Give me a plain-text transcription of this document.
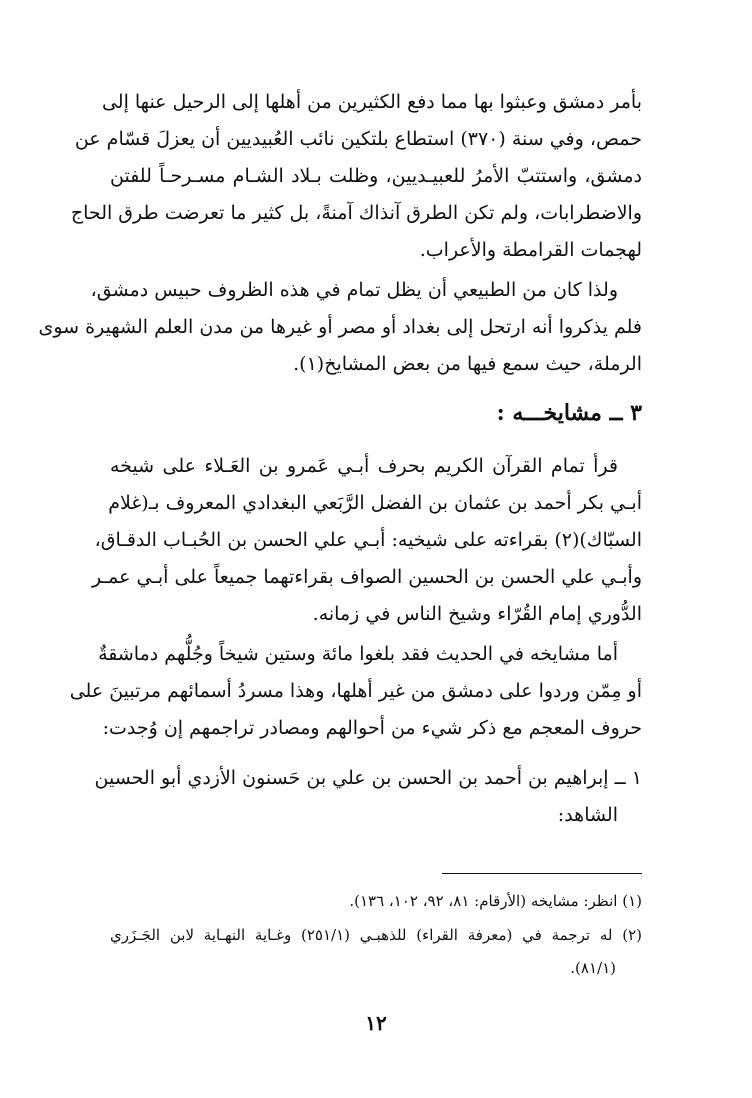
بأمر دمشق وعبثوا بها مما دفع الكثيرين من أهلها إلى الرحيل عنها إلى
حمص، وفي سنة (٣٧٠) استطاع بلتكين نائب العُبيديين أن يعزلَ قسّام عن
دمشق، واستتبّ الأمرُ للعبيـديين، وظلت بـلاد الشـام مسـرحـاً للفتن
والاضطرابات، ولم تكن الطرق آنذاك آمنةً، بل كثير ما تعرضت طرق الحاج
لهجمات القرامطة والأعراب.
ولذا كان من الطبيعي أن يظل تمام في هذه الظروف حبيس دمشق،
فلم يذكروا أنه ارتحل إلى بغداد أو مصر أو غيرها من مدن العلم الشهيرة سوى
الرملة، حيث سمع فيها من بعض المشايخ(١).
٣ ــ مشايخـــه :
قرأ تمام القرآن الكريم بحرف أبـي عَمرو بن العَـلاء على شيخه
أبـي بكر أحمد بن عثمان بن الفضل الرَّبَعي البغدادي المعروف بـ(غلام
السبّاك)(٢) بقراءته على شيخيه: أبـي علي الحسن بن الحُبـاب الدقـاق،
وأبـي علي الحسن بن الحسين الصواف بقراءتهما جميعاً على أبـي عمـر
الدُّوري إمام القُرّاء وشيخ الناس في زمانه.
أما مشايخه في الحديث فقد بلغوا مائة وستين شيخاً وجُلُّهم دماشقةٌ
أو مِمّن وردوا على دمشق من غير أهلها، وهذا مسردُ أسمائهم مرتبينَ على
حروف المعجم مع ذكر شيء من أحوالهم ومصادر تراجمهم إن وُجدت:
١ ــ إبراهيم بن أحمد بن الحسن بن علي بن حَسنون الأزدي أبو الحسين
الشاهد:
(١) انظر: مشايخه (الأرقام: ٨١، ٩٢، ١٠٢، ١٣٦).
(٢) له ترجمة في (معرفة القراء) للذهبـي (٢٥١/١) وغـاية النهـاية لابن الجَـزَري
(٨١/١).
١٢
